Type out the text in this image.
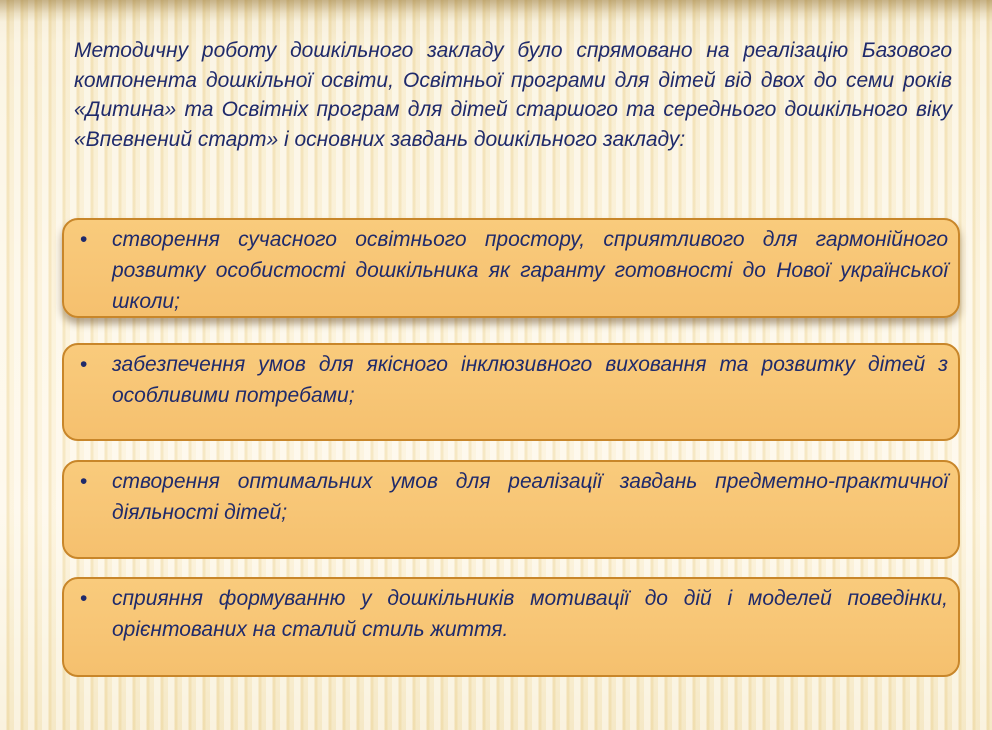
Методичну роботу дошкільного закладу було спрямовано на реалізацію Базового компонента дошкільної освіти, Освітньої програми для дітей від двох до семи років «Дитина» та Освітніх програм для дітей старшого та середнього дошкільного віку «Впевнений старт» і основних завдань дошкільного закладу:

•	створення сучасного освітнього простору, сприятливого для гармонійного розвитку особистості дошкільника як гаранту готовності до Нової української школи;

•	забезпечення умов для якісного інклюзивного виховання та розвитку дітей з особливими потребами;

•	створення оптимальних умов для реалізації завдань предметно-практичної діяльності дітей;

•	сприяння формуванню у дошкільників мотивації до дій і моделей поведінки, орієнтованих на сталий стиль життя.
